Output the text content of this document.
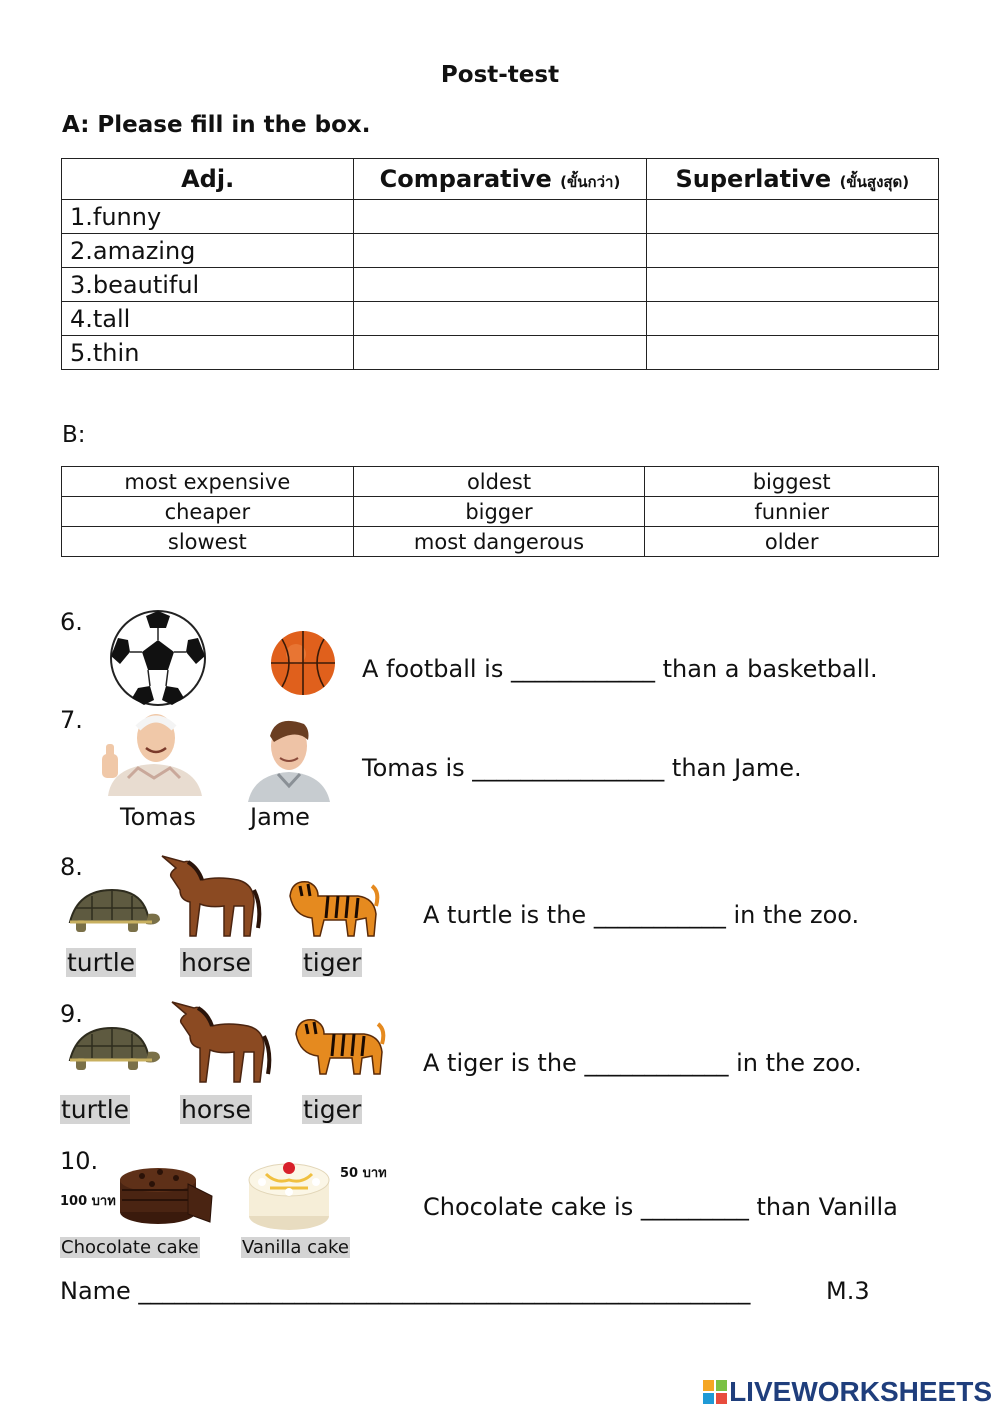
Post-test
A: Please fill in the box.
Adj.	Comparative (ขั้นกว่า)	Superlative (ขั้นสูงสุด)
1.funny		
2.amazing		
3.beautiful		
4.tall		
5.thin		
B:
most expensive	oldest	biggest
cheaper	bigger	funnier
slowest	most dangerous	older
6.
A football is ____________ than a basketball.
7.
Tomas is ________________ than Jame.
Tomas Jame
8.
A turtle is the ___________ in the zoo.
turtle horse tiger
9.
A tiger is the ____________ in the zoo.
turtle horse tiger
10.
100 บาท
50 บาท
Chocolate cake is _________ than Vanilla
Chocolate cake Vanilla cake
Name ___________________________________________________	M.3
LIVEWORKSHEETS
